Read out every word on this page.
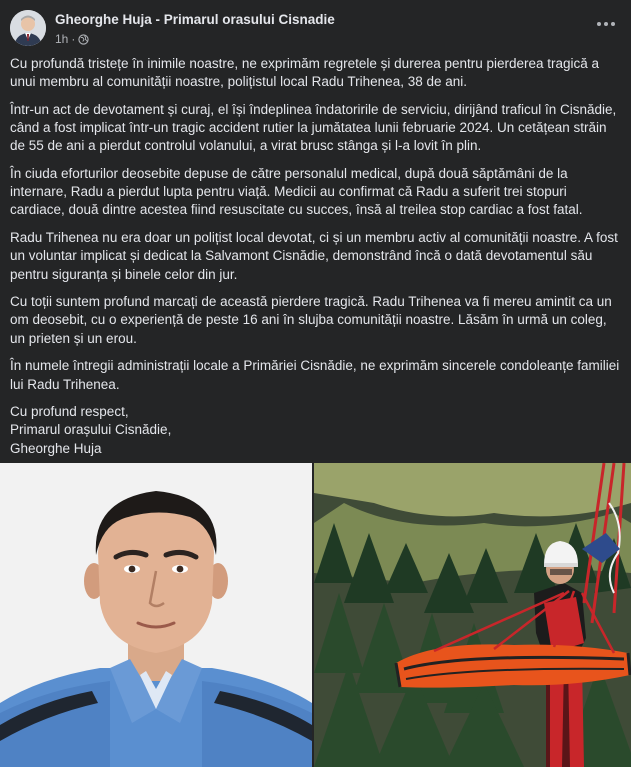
Gheorghe Huja - Primarul orasului Cisnadie
1h ·

Cu profundă tristețe în inimile noastre, ne exprimăm regretele și durerea pentru pierderea tragică a unui membru al comunității noastre, polițistul local Radu Trihenea, 38 de ani.

Într-un act de devotament și curaj, el își îndeplinea îndatoririle de serviciu, dirijând traficul în Cisnădie, când a fost implicat într-un tragic accident rutier la jumătatea lunii februarie 2024. Un cetățean străin de 55 de ani a pierdut controlul volanului, a virat brusc stânga și l-a lovit în plin.

În ciuda eforturilor deosebite depuse de către personalul medical, după două săptămâni de la internare, Radu a pierdut lupta pentru viață. Medicii au confirmat că Radu a suferit trei stopuri cardiace, două dintre acestea fiind resuscitate cu succes, însă al treilea stop cardiac a fost fatal.

Radu Trihenea nu era doar un polițist local devotat, ci și un membru activ al comunității noastre. A fost un voluntar implicat și dedicat la Salvamont Cisnădie, demonstrând încă o dată devotamentul său pentru siguranța și binele celor din jur.

Cu toții suntem profund marcați de această pierdere tragică. Radu Trihenea va fi mereu amintit ca un om deosebit, cu o experiență de peste 16 ani în slujba comunității noastre. Lăsăm în urmă un coleg, un prieten și un erou.

În numele întregii administrații locale a Primăriei Cisnădie, ne exprimăm sincerele condoleanțe familiei lui Radu Trihenea.

Cu profund respect,
Primarul orașului Cisnădie,
Gheorghe Huja
